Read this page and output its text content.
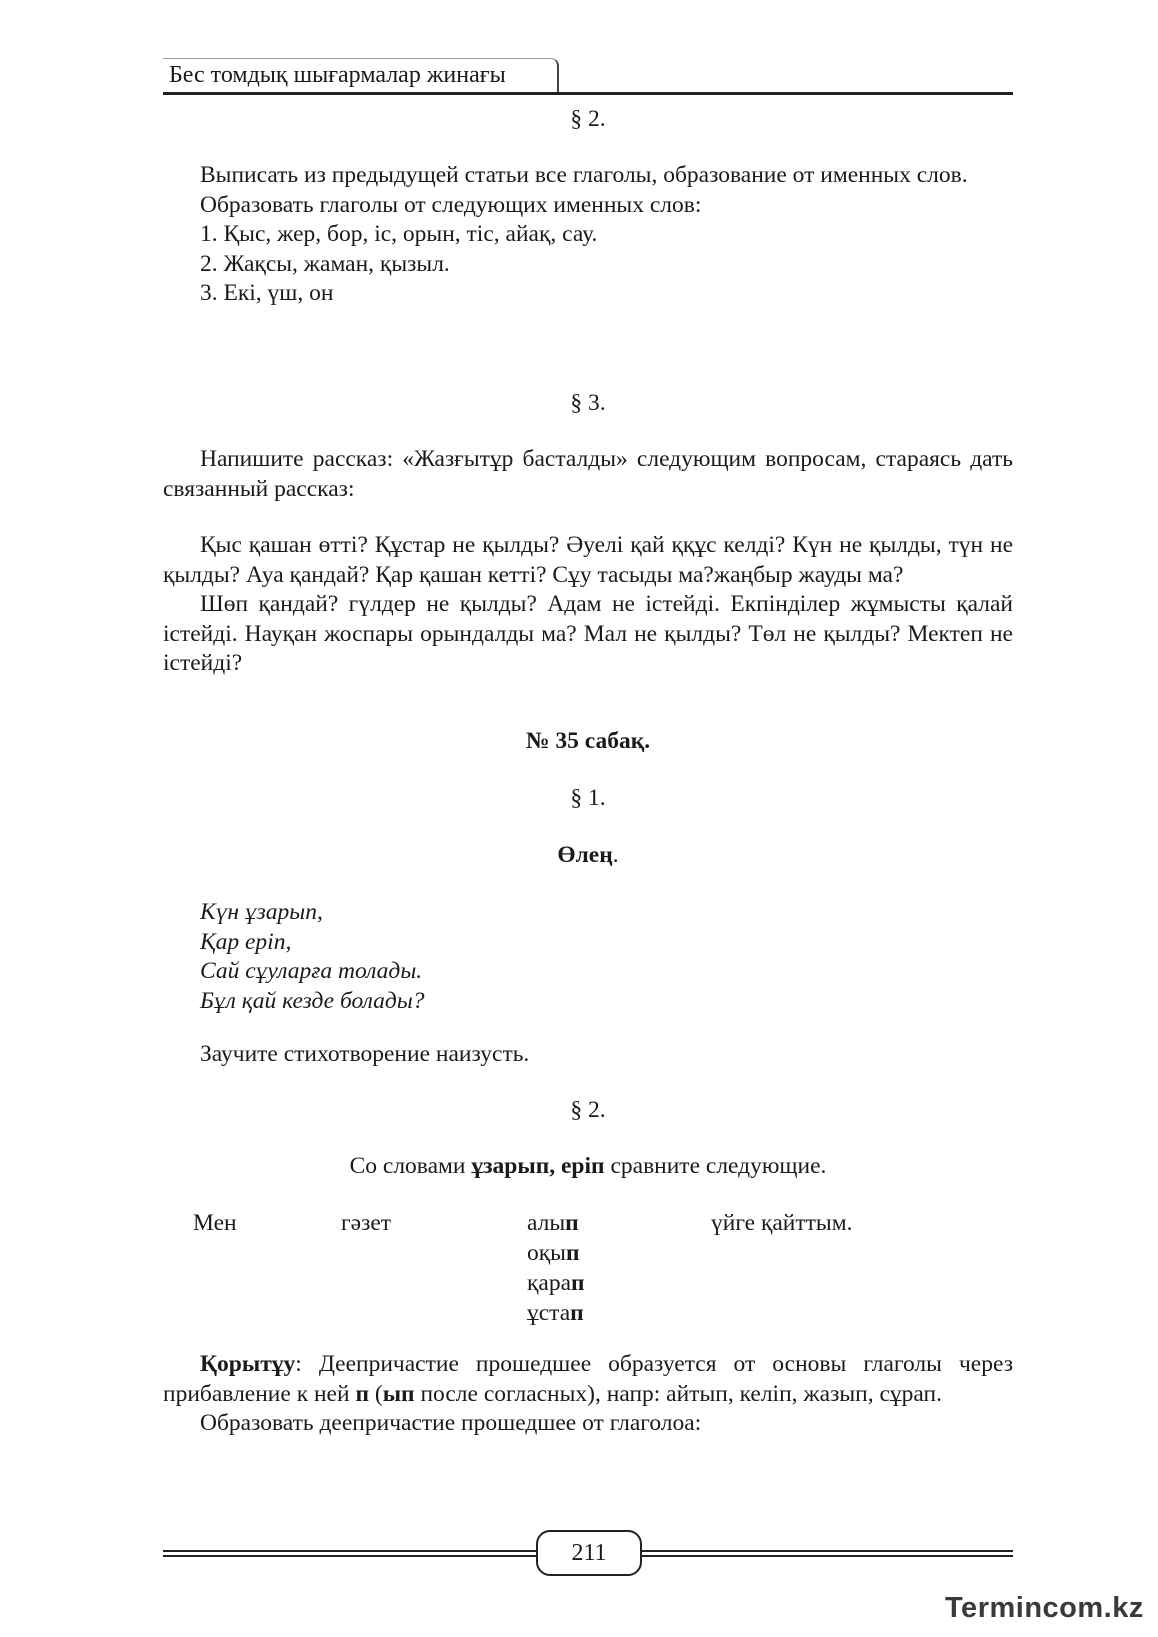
Бес томдық шығармалар жинағы
§ 2.

Выписать из предыдущей статьи все глаголы, образование от именных слов.

Образовать глаголы от следующих именных слов:

1. Қыс, жер, бор, іс, орын, тіс, айақ, сау.

2. Жақсы, жаман, қызыл.

3. Екі, үш, он

§ 3.

Напишите рассказ: «Жазғытұр басталды» следующим вопросам, стараясь дать связанный рассказ:

Қыс қашан өтті? Құстар не қылды? Әуелі қай ққұс келді? Күн не қылды, түн не қылды? Ауа қандай? Қар қашан кетті? Сұу тасыды ма?жаңбыр жауды ма?

Шөп қандай? гүлдер не қылды? Адам не істейді. Екпінділер жұмысты қалай істейді. Науқан жоспары орындалды ма? Мал не қылды? Төл не қылды? Мектеп не істейді?

№ 35 сабақ.
§ 1.
Өлең.
Күн ұзарып,
Қар еріп,
Сай сұуларға толады.
Бұл қай кезде болады?

Заучите стихотворение наизусть.

§ 2.
Со словами ұзарып, еріп сравните следующие.
Мен	гәзет	алып
оқып
қарап
ұстап
үйге қайттым.

Қорытұу: Деепричастие прошедшее образуется от основы глаголы через прибавление к ней п (ып после согласных), напр: айтып, келіп, жазып, сұрап.

Образовать деепричастие прошедшее от глаголоа:

211
Termincom.kz
